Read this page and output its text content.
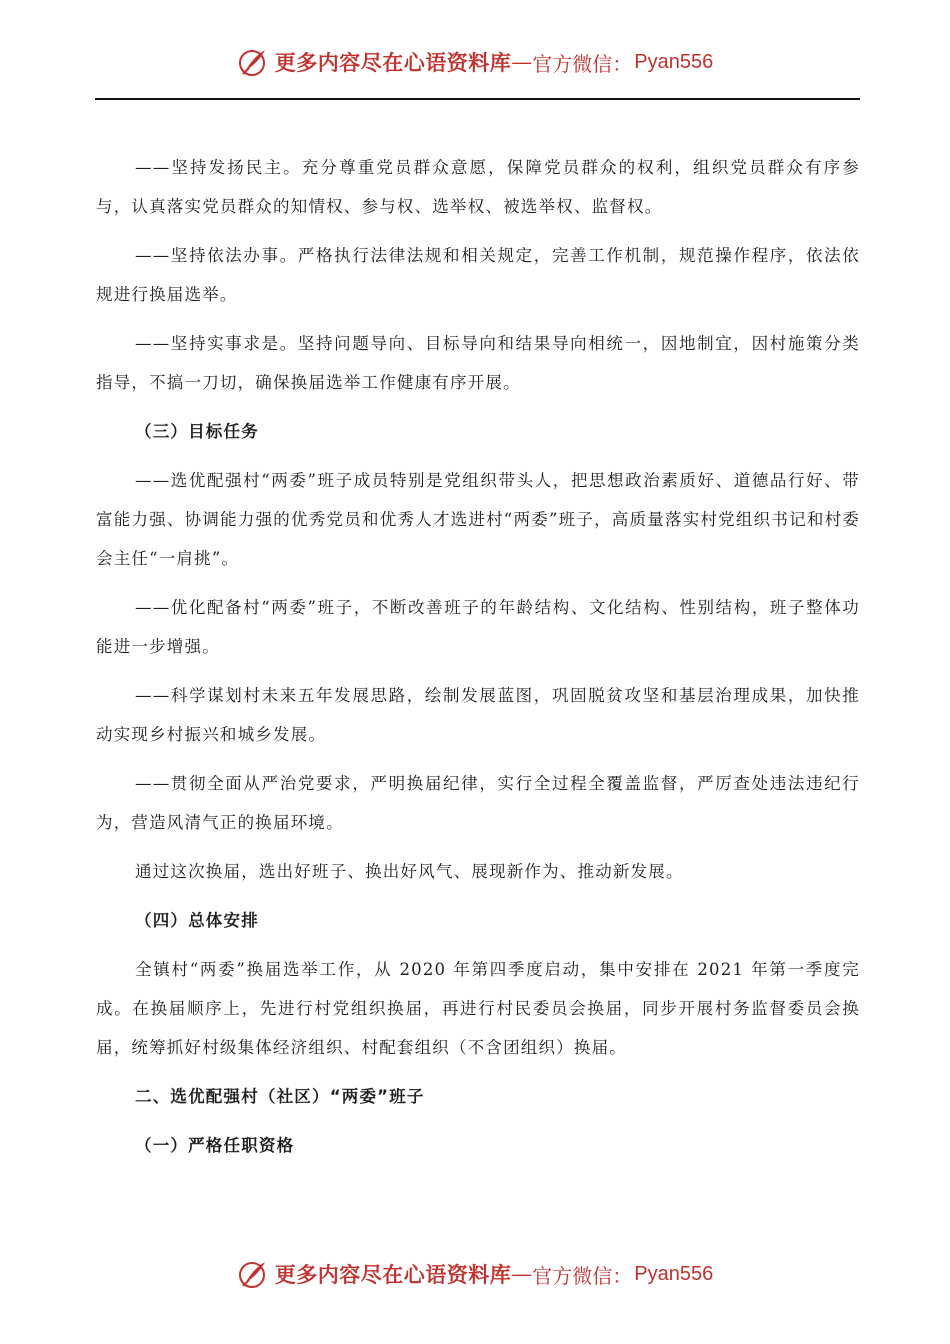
更多内容尽在心语资料库 — 官方微信： Pyan556

——坚持发扬民主。充分尊重党员群众意愿，保障党员群众的权利，组织党员群众有序参与，认真落实党员群众的知情权、参与权、选举权、被选举权、监督权。

——坚持依法办事。严格执行法律法规和相关规定，完善工作机制，规范操作程序，依法依规进行换届选举。

——坚持实事求是。坚持问题导向、目标导向和结果导向相统一，因地制宜，因村施策分类指导，不搞一刀切，确保换届选举工作健康有序开展。

（三）目标任务

——选优配强村“两委”班子成员特别是党组织带头人，把思想政治素质好、道德品行好、带富能力强、协调能力强的优秀党员和优秀人才选进村“两委”班子，高质量落实村党组织书记和村委会主任“一肩挑”。

——优化配备村“两委”班子，不断改善班子的年龄结构、文化结构、性别结构，班子整体功能进一步增强。

——科学谋划村未来五年发展思路，绘制发展蓝图，巩固脱贫攻坚和基层治理成果，加快推动实现乡村振兴和城乡发展。

——贯彻全面从严治党要求，严明换届纪律，实行全过程全覆盖监督，严厉查处违法违纪行为，营造风清气正的换届环境。

通过这次换届，选出好班子、换出好风气、展现新作为、推动新发展。

（四）总体安排

全镇村“两委”换届选举工作，从 2020 年第四季度启动，集中安排在 2021 年第一季度完成。在换届顺序上，先进行村党组织换届，再进行村民委员会换届，同步开展村务监督委员会换届，统筹抓好村级集体经济组织、村配套组织（不含团组织）换届。

二、选优配强村（社区）“两委”班子

（一）严格任职资格

更多内容尽在心语资料库 — 官方微信： Pyan556
